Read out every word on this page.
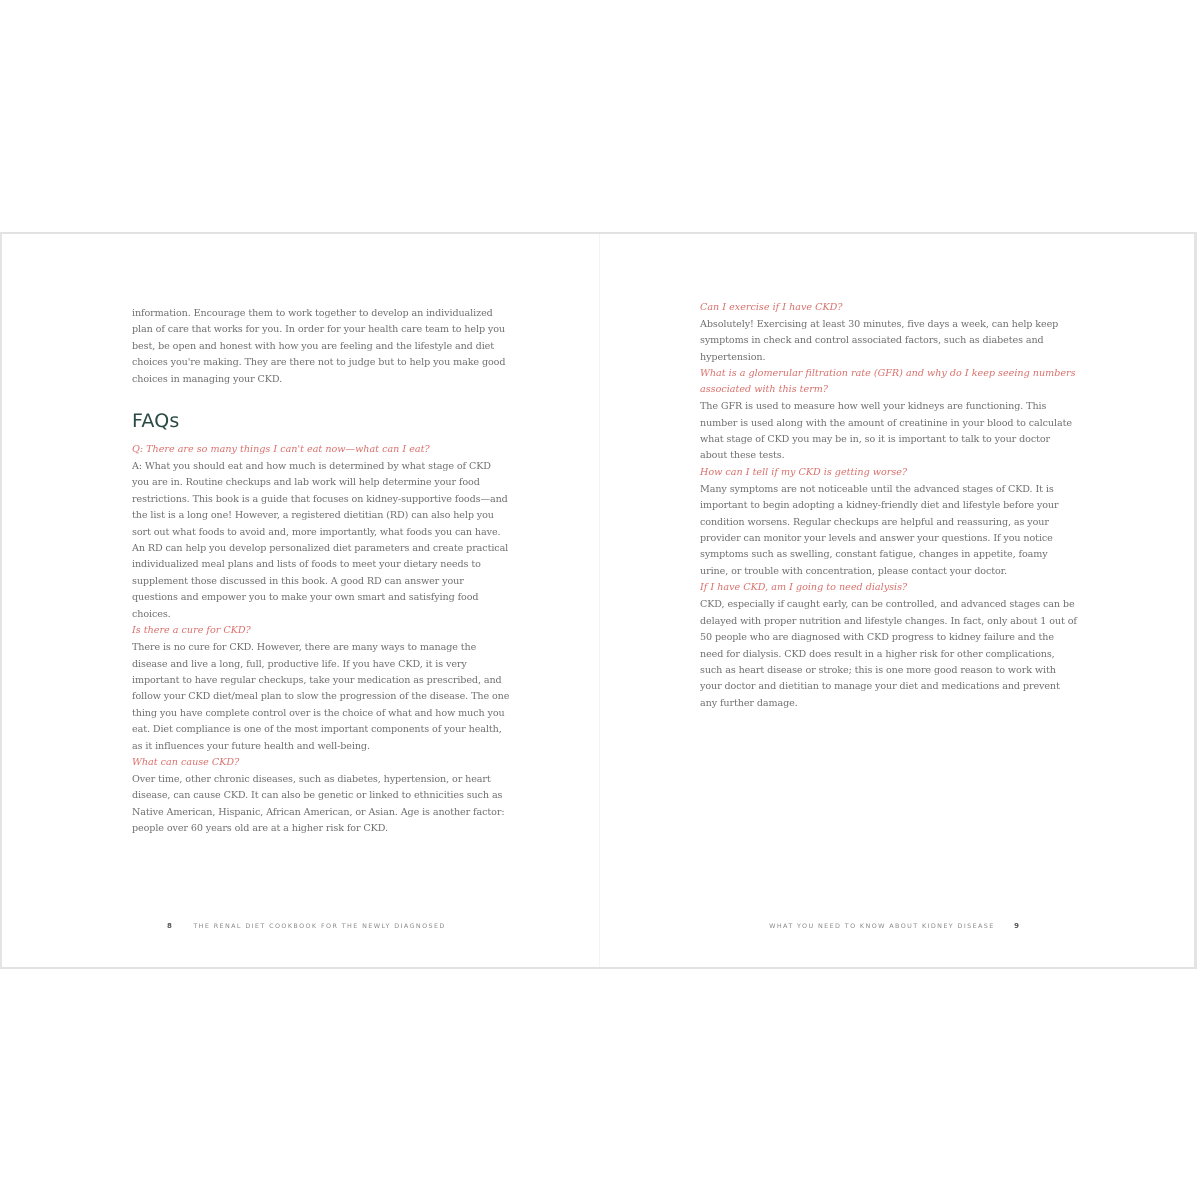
information. Encourage them to work together to develop an individualized plan of care that works for you. In order for your health care team to help you best, be open and honest with how you are feeling and the lifestyle and diet choices you're making. They are there not to judge but to help you make good choices in managing your CKD.

FAQs

Q: There are so many things I can't eat now—what can I eat?

A: What you should eat and how much is determined by what stage of CKD you are in. Routine checkups and lab work will help determine your food restrictions. This book is a guide that focuses on kidney-supportive foods—and the list is a long one! However, a registered dietitian (RD) can also help you sort out what foods to avoid and, more importantly, what foods you can have. An RD can help you develop personalized diet parameters and create practical individualized meal plans and lists of foods to meet your dietary needs to supplement those discussed in this book. A good RD can answer your questions and empower you to make your own smart and satisfying food choices.

Is there a cure for CKD?

There is no cure for CKD. However, there are many ways to manage the disease and live a long, full, productive life. If you have CKD, it is very important to have regular checkups, take your medication as prescribed, and follow your CKD diet/meal plan to slow the progression of the disease. The one thing you have complete control over is the choice of what and how much you eat. Diet compliance is one of the most important components of your health, as it influences your future health and well-being.

What can cause CKD?

Over time, other chronic diseases, such as diabetes, hypertension, or heart disease, can cause CKD. It can also be genetic or linked to ethnicities such as Native American, Hispanic, African American, or Asian. Age is another factor: people over 60 years old are at a higher risk for CKD.

8	THE RENAL DIET COOKBOOK FOR THE NEWLY DIAGNOSED

Can I exercise if I have CKD?

Absolutely! Exercising at least 30 minutes, five days a week, can help keep symptoms in check and control associated factors, such as diabetes and hypertension.

What is a glomerular filtration rate (GFR) and why do I keep seeing numbers associated with this term?

The GFR is used to measure how well your kidneys are functioning. This number is used along with the amount of creatinine in your blood to calculate what stage of CKD you may be in, so it is important to talk to your doctor about these tests.

How can I tell if my CKD is getting worse?

Many symptoms are not noticeable until the advanced stages of CKD. It is important to begin adopting a kidney-friendly diet and lifestyle before your condition worsens. Regular checkups are helpful and reassuring, as your provider can monitor your levels and answer your questions. If you notice symptoms such as swelling, constant fatigue, changes in appetite, foamy urine, or trouble with concentration, please contact your doctor.

If I have CKD, am I going to need dialysis?

CKD, especially if caught early, can be controlled, and advanced stages can be delayed with proper nutrition and lifestyle changes. In fact, only about 1 out of 50 people who are diagnosed with CKD progress to kidney failure and the need for dialysis. CKD does result in a higher risk for other complications, such as heart disease or stroke; this is one more good reason to work with your doctor and dietitian to manage your diet and medications and prevent any further damage.

WHAT YOU NEED TO KNOW ABOUT KIDNEY DISEASE	9
